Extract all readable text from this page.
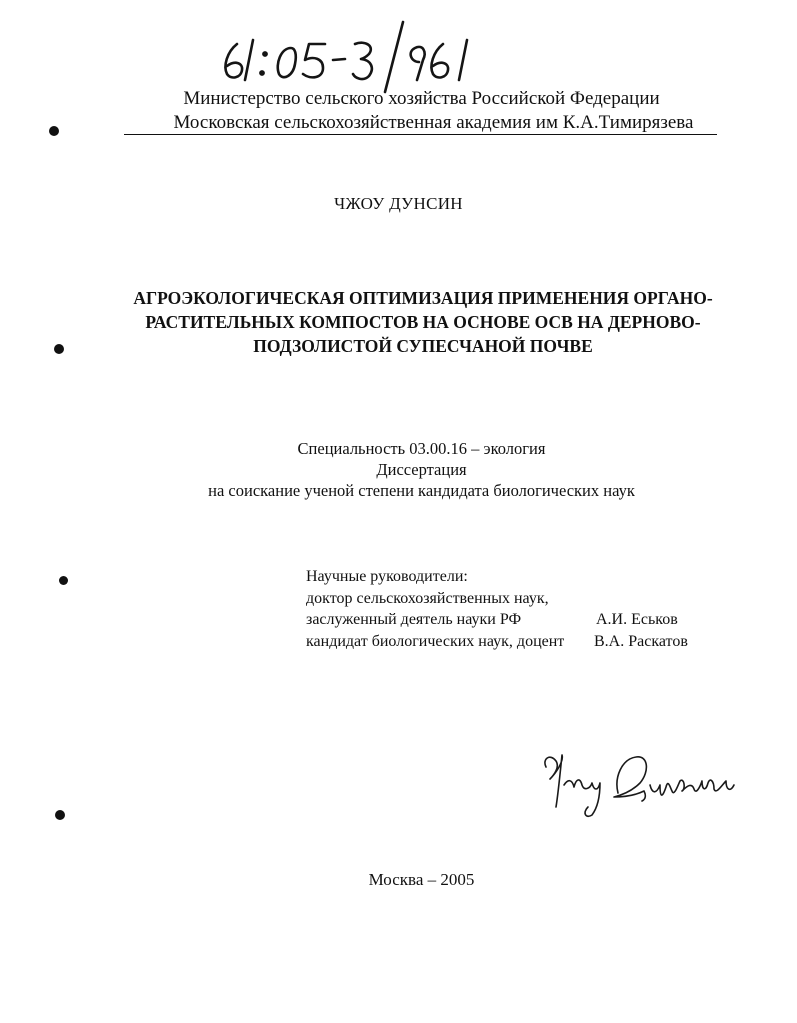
Министерство сельского хозяйства Российской Федерации
Московская сельскохозяйственная академия им К.А.Тимирязева
ЧЖОУ ДУНСИН
АГРОЭКОЛОГИЧЕСКАЯ ОПТИМИЗАЦИЯ ПРИМЕНЕНИЯ ОРГАНО-
РАСТИТЕЛЬНЫХ КОМПОСТОВ НА ОСНОВЕ ОСВ НА ДЕРНОВО-
ПОДЗОЛИСТОЙ СУПЕСЧАНОЙ ПОЧВЕ
Специальность 03.00.16 – экология
Диссертация
на соискание ученой степени кандидата биологических наук
Научные руководители:
доктор сельскохозяйственных наук,
заслуженный деятель науки РФ	А.И. Еськов
кандидат биологических наук, доцент В.А. Раскатов
Москва – 2005
